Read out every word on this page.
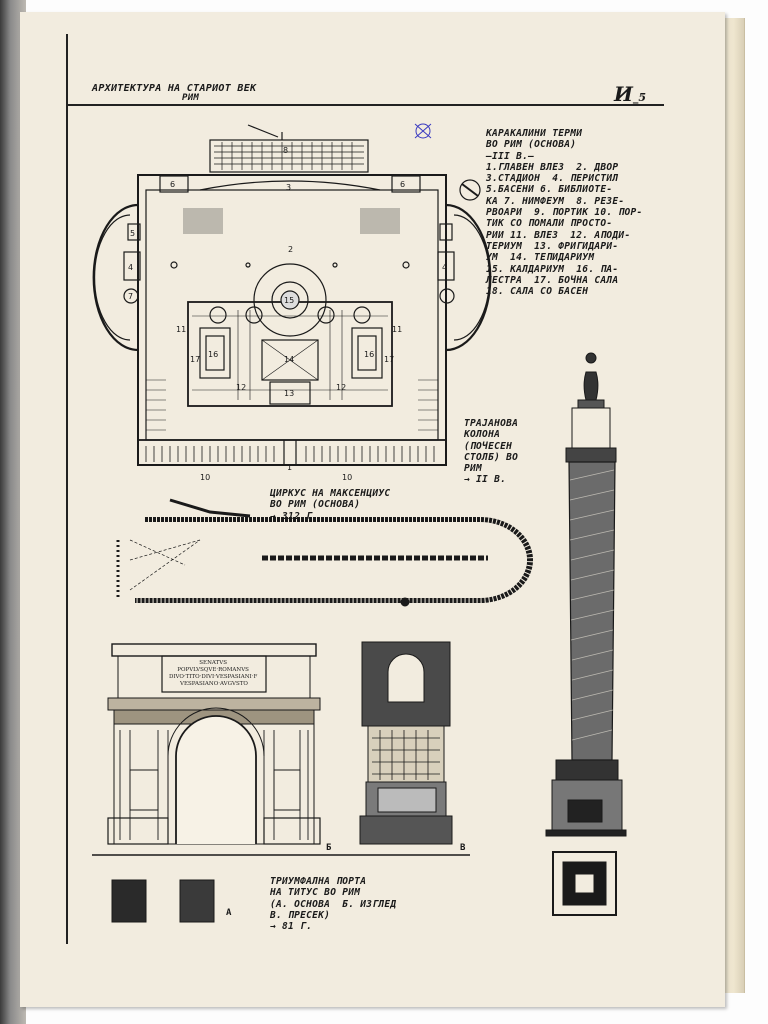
АРХИТЕКТУРА НА СТАРИОТ ВЕК
РИМ	И_5
КАРАКАЛИНИ ТЕРМИ
ВО РИМ (ОСНОВА)
—III В.—
1.ГЛАВЕН ВЛЕЗ  2. ДВОР
3.СТАДИОН  4. ПЕРИСТИЛ
5.БАСЕНИ 6. БИБЛИОТЕ-
КА 7. НИМФЕУМ  8. РЕЗЕ-
РВОАРИ  9. ПОРТИК 10. ПОР-
ТИК СО ПОМАЛИ ПРОСТО-
РИИ 11. ВЛЕЗ  12. АПОДИ-
ТЕРИУМ  13. ФРИГИДАРИ-
УМ  14. ТЕПИДАРИУМ
15. КАЛДАРИУМ  16. ПА-
ЛЕСТРА  17. БОЧНА САЛА
18. САЛА СО БАСЕН
ТРАЈАНОВА
КОЛОНА
(ПОЧЕСЕН
СТОЛБ) ВО
РИМ
→ II В.
ЦИРКУС НА МАКСЕНЦИУС
ВО РИМ (ОСНОВА)
→ 312 Г.
ТРИУМФАЛНА ПОРТА
НА ТИТУС ВО РИМ
(А. ОСНОВА  Б. ИЗГЛЕД
В. ПРЕСЕК)
→ 81 Г.
А
Б	В
1
2
3
4	4
5
6	6
7
8
10	10
11	11
12	12
13
14
15
16	16
17	17
SENATVS POPVLVSQVE·ROMANVS DIVO·TITO·DIVI·VESPASIANI·F VESPASIANO·AVGVSTO
